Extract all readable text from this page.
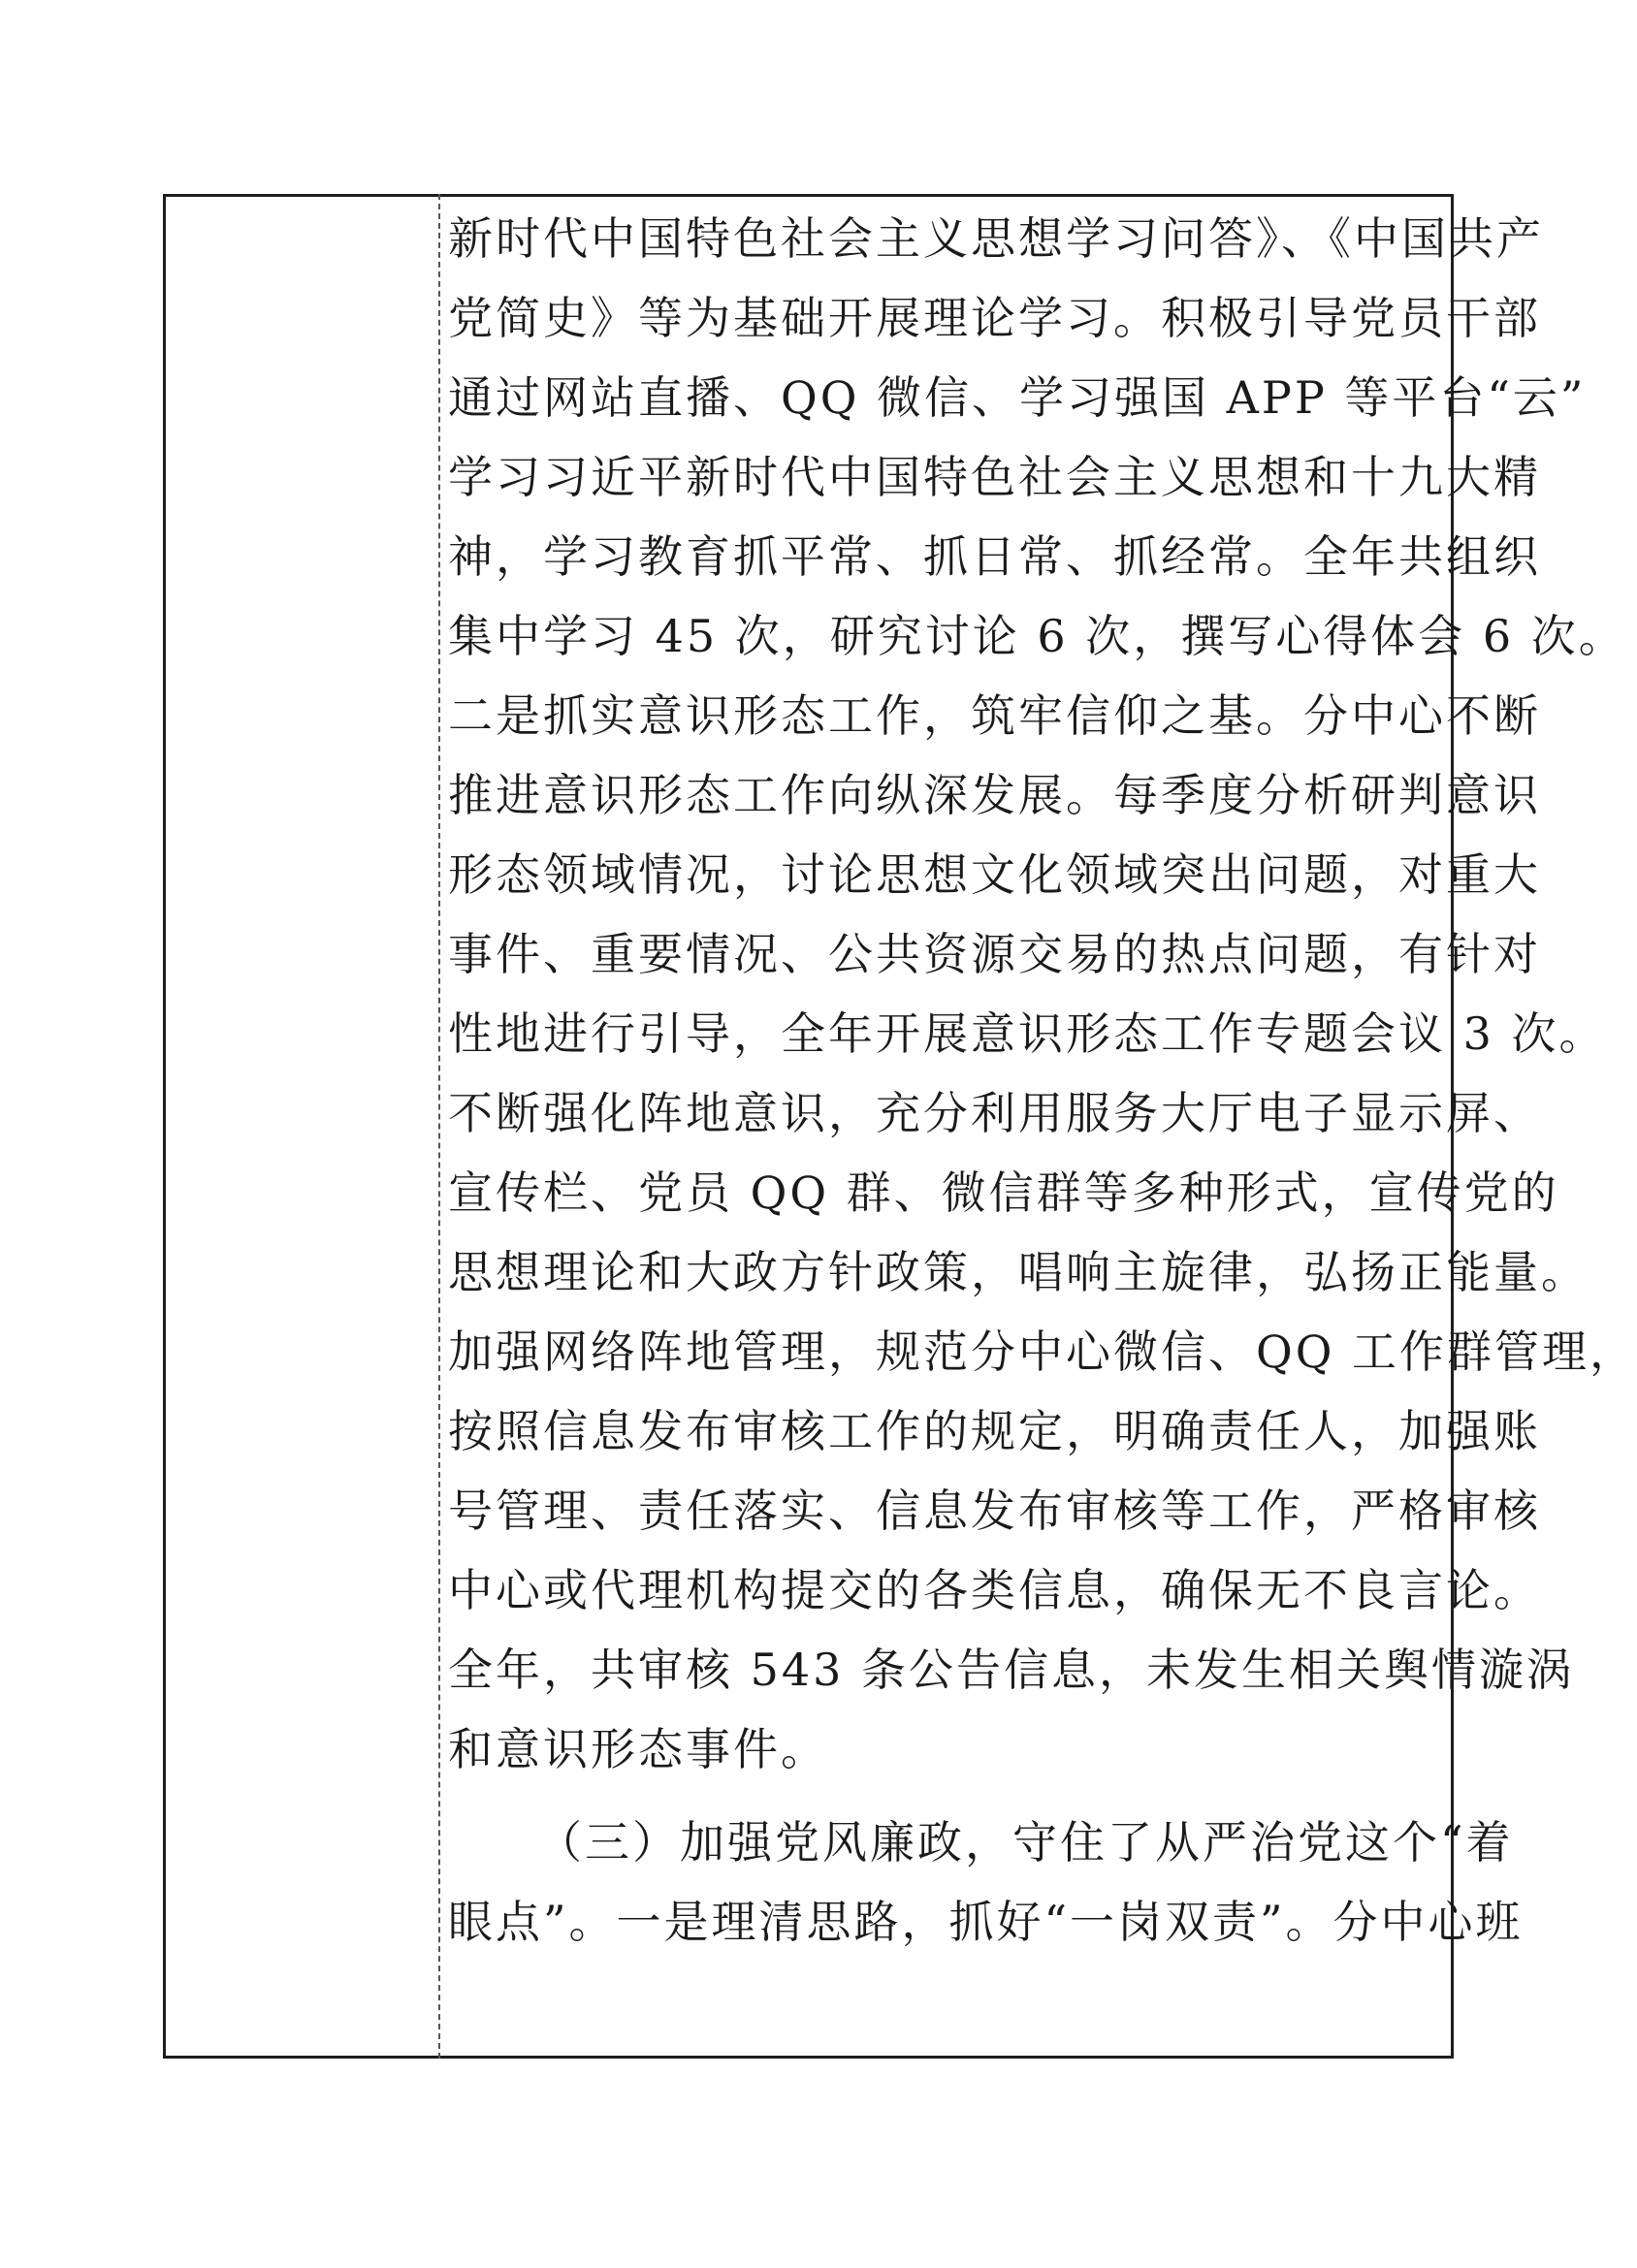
新时代中国特色社会主义思想学习问答》、《中国共产
党简史》等为基础开展理论学习。积极引导党员干部
通过网站直播、QQ 微信、学习强国 APP 等平台“云”
学习习近平新时代中国特色社会主义思想和十九大精
神，学习教育抓平常、抓日常、抓经常。全年共组织
集中学习 45 次，研究讨论 6 次，撰写心得体会 6 次。
二是抓实意识形态工作，筑牢信仰之基。分中心不断
推进意识形态工作向纵深发展。每季度分析研判意识
形态领域情况，讨论思想文化领域突出问题，对重大
事件、重要情况、公共资源交易的热点问题，有针对
性地进行引导，全年开展意识形态工作专题会议 3 次。
不断强化阵地意识，充分利用服务大厅电子显示屏、
宣传栏、党员 QQ 群、微信群等多种形式，宣传党的
思想理论和大政方针政策，唱响主旋律，弘扬正能量。
加强网络阵地管理，规范分中心微信、QQ 工作群管理，
按照信息发布审核工作的规定，明确责任人，加强账
号管理、责任落实、信息发布审核等工作，严格审核
中心或代理机构提交的各类信息，确保无不良言论。
全年，共审核 543 条公告信息，未发生相关舆情漩涡
和意识形态事件。
（三）加强党风廉政，守住了从严治党这个“着
眼点”。一是理清思路，抓好“一岗双责”。分中心班
